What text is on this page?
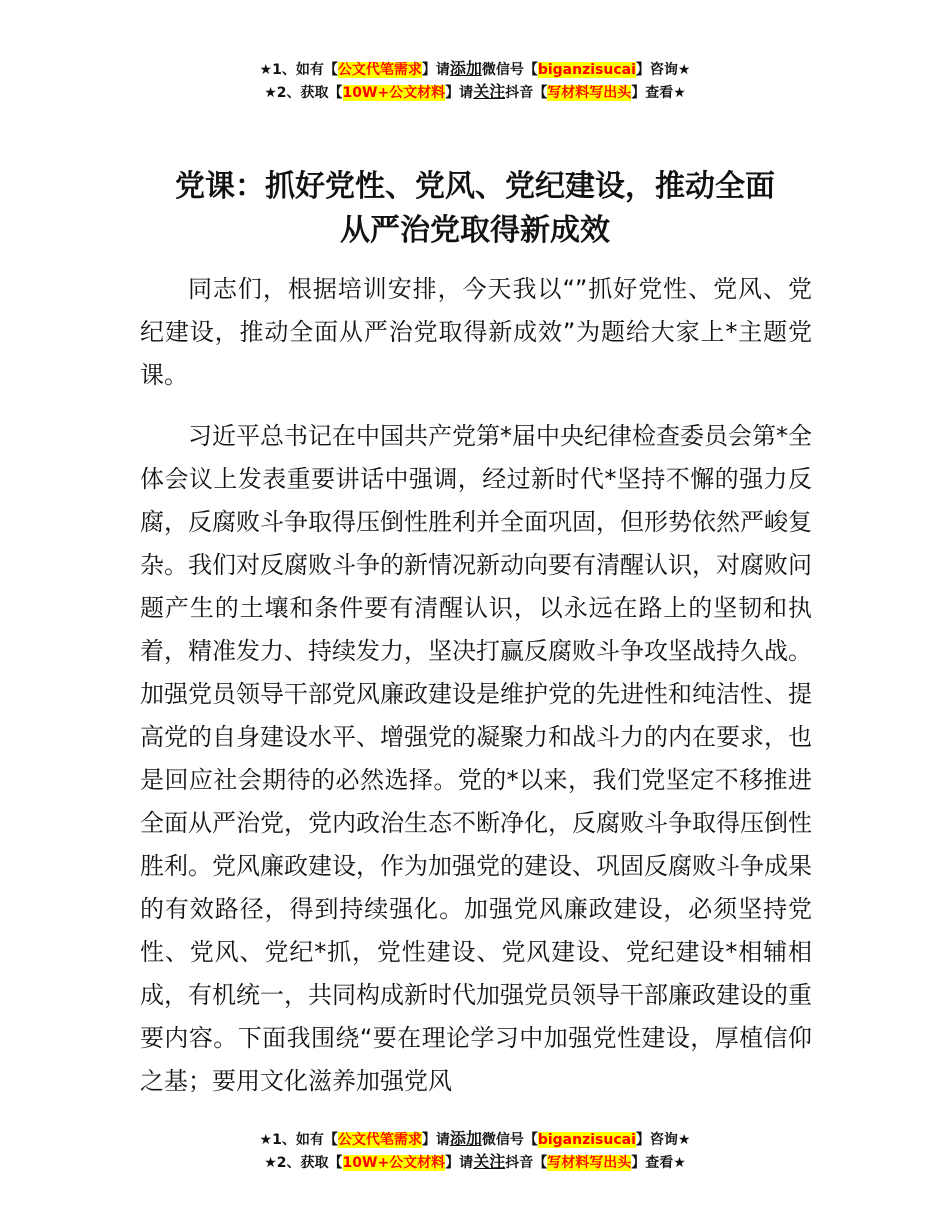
★1、如有【公文代笔需求】请添加微信号【biganzisucai】咨询★
★2、获取【10W+公文材料】请关注抖音【写材料写出头】查看★
党课：抓好党性、党风、党纪建设，推动全面
从严治党取得新成效

同志们，根据培训安排，今天我以“”抓好党性、党风、党纪建设，推动全面从严治党取得新成效”为题给大家上*主题党课。

习近平总书记在中国共产党第*届中央纪律检查委员会第*全体会议上发表重要讲话中强调，经过新时代*坚持不懈的强力反腐，反腐败斗争取得压倒性胜利并全面巩固，但形势依然严峻复杂。我们对反腐败斗争的新情况新动向要有清醒认识，对腐败问题产生的土壤和条件要有清醒认识，以永远在路上的坚韧和执着，精准发力、持续发力，坚决打赢反腐败斗争攻坚战持久战。加强党员领导干部党风廉政建设是维护党的先进性和纯洁性、提高党的自身建设水平、增强党的凝聚力和战斗力的内在要求，也是回应社会期待的必然选择。党的*以来，我们党坚定不移推进全面从严治党，党内政治生态不断净化，反腐败斗争取得压倒性胜利。党风廉政建设，作为加强党的建设、巩固反腐败斗争成果的有效路径，得到持续强化。加强党风廉政建设，必须坚持党性、党风、党纪*抓，党性建设、党风建设、党纪建设*相辅相成，有机统一，共同构成新时代加强党员领导干部廉政建设的重要内容。下面我围绕“要在理论学习中加强党性建设，厚植信仰之基；要用文化滋养加强党风

★1、如有【公文代笔需求】请添加微信号【biganzisucai】咨询★
★2、获取【10W+公文材料】请关注抖音【写材料写出头】查看★
